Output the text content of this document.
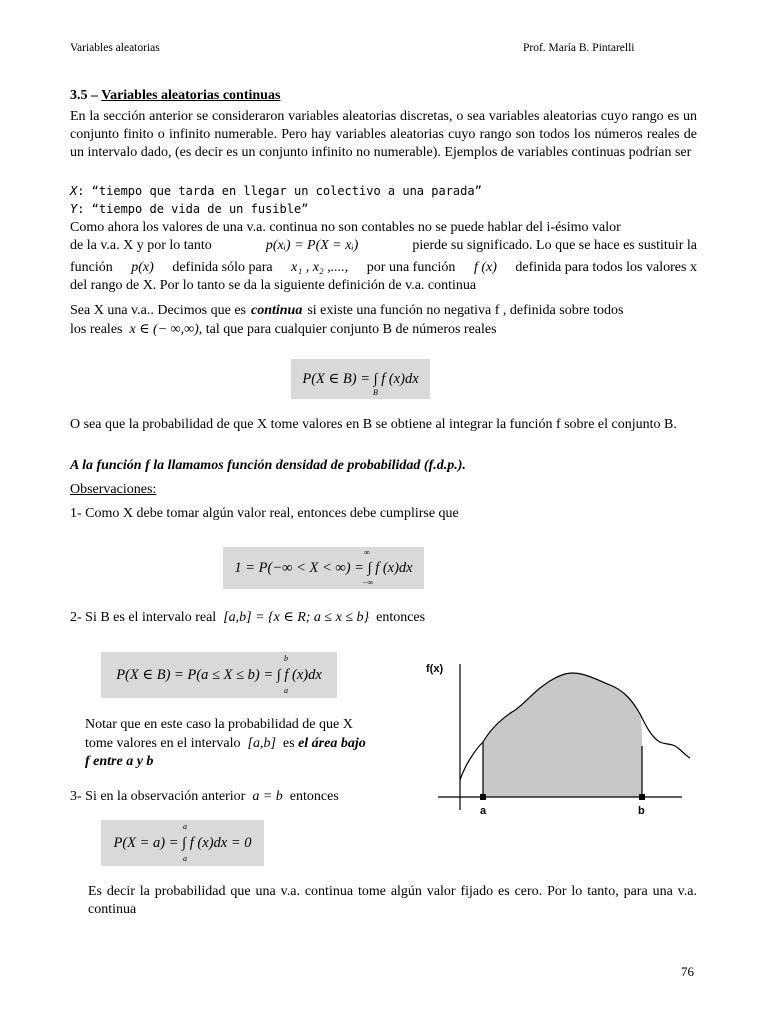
Variables aleatorias	Prof. María B. Pintarelli
3.5 – Variables aleatorias continuas
En la sección anterior se consideraron variables aleatorias discretas, o sea variables aleatorias cuyo rango es un conjunto finito o infinito numerable. Pero hay variables aleatorias cuyo rango son todos los números reales de un intervalo dado, (es decir es un conjunto infinito no numerable). Ejemplos de variables continuas podrían ser
X: “tiempo que tarda en llegar un colectivo a una parada”
Y: “tiempo de vida de un fusible”
Como ahora los valores de una v.a. continua no son contables no se puede hablar del i-ésimo valor
de la v.a. X y por lo tanto	p(xᵢ) = P(X = xᵢ)	pierde su significado. Lo que se hace es sustituir la
función p(x) definida sólo para x₁ , x₂ ,...., por una función f (x) definida para todos los valores x
del rango de X. Por lo tanto se da la siguiente definición de v.a. continua
Sea X una v.a.. Decimos que es continua si existe una función no negativa f , definida sobre todos
los reales x ∈ (− ∞,∞), tal que para cualquier conjunto B de números reales
P(X ∈ B) = ∫ f (x)dx
B
O sea que la probabilidad de que X tome valores en B se obtiene al integrar la función f sobre el conjunto B.
A la función f la llamamos función densidad de probabilidad (f.d.p.).
Observaciones:
1- Como X debe tomar algún valor real, entonces debe cumplirse que
1 = P(−∞ < X < ∞) = ∫ f (x)dx
∞
−∞
2- Si B es el intervalo real [a,b] = {x ∈ R; a ≤ x ≤ b} entonces
P(X ∈ B) = P(a ≤ X ≤ b) = ∫ f (x)dx
b
a
Notar que en este caso la probabilidad de que X
tome valores en el intervalo [a,b] es el área bajo
f entre a y b
3- Si en la observación anterior a = b entonces
P(X = a) = ∫ f (x)dx = 0
a
a
Es decir la probabilidad que una v.a. continua tome algún valor fijado es cero. Por lo tanto, para una v.a. continua
f(x)
a	b
76
